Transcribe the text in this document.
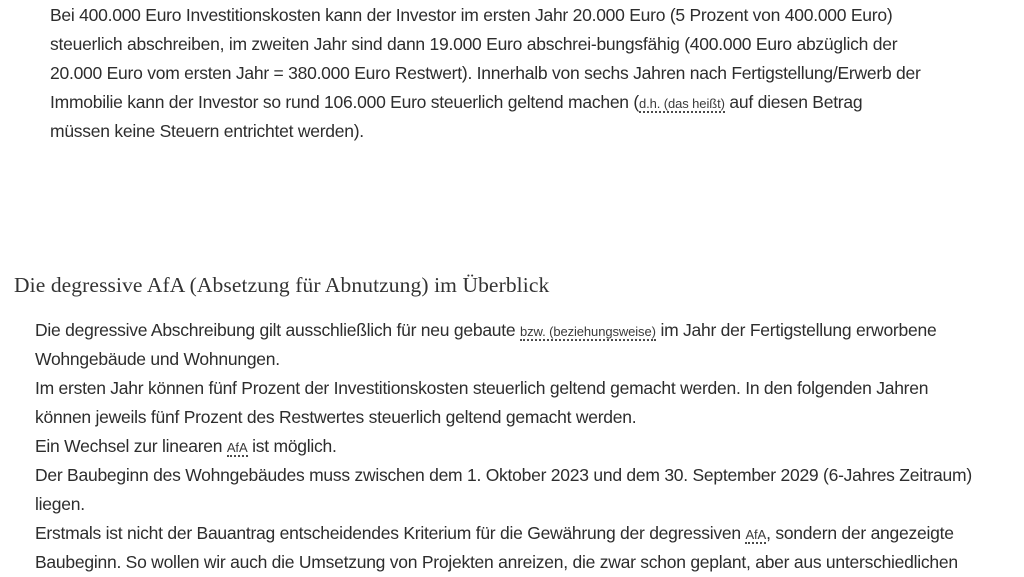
Bei 400.000 Euro Investitionskosten kann der Investor im ersten Jahr 20.000 Euro (5 Prozent von 400.000 Euro)
steuerlich abschreiben, im zweiten Jahr sind dann 19.000 Euro abschrei-bungsfähig (400.000 Euro abzüglich der
20.000 Euro vom ersten Jahr = 380.000 Euro Restwert). Innerhalb von sechs Jahren nach Fertigstellung/Erwerb der
Immobilie kann der Investor so rund 106.000 Euro steuerlich geltend machen (d.h. (das heißt) auf diesen Betrag
müssen keine Steuern entrichtet werden).
Die degressive AfA (Absetzung für Abnutzung) im Überblick
Die degressive Abschreibung gilt ausschließlich für neu gebaute bzw. (beziehungsweise) im Jahr der Fertigstellung erworbene
Wohngebäude und Wohnungen.
Im ersten Jahr können fünf Prozent der Investitionskosten steuerlich geltend gemacht werden. In den folgenden Jahren
können jeweils fünf Prozent des Restwertes steuerlich geltend gemacht werden.
Ein Wechsel zur linearen AfA ist möglich.
Der Baubeginn des Wohngebäudes muss zwischen dem 1. Oktober 2023 und dem 30. September 2029 (6-Jahres Zeitraum)
liegen.
Erstmals ist nicht der Bauantrag entscheidendes Kriterium für die Gewährung der degressiven AfA, sondern der angezeigte
Baubeginn. So wollen wir auch die Umsetzung von Projekten anreizen, die zwar schon geplant, aber aus unterschiedlichen
